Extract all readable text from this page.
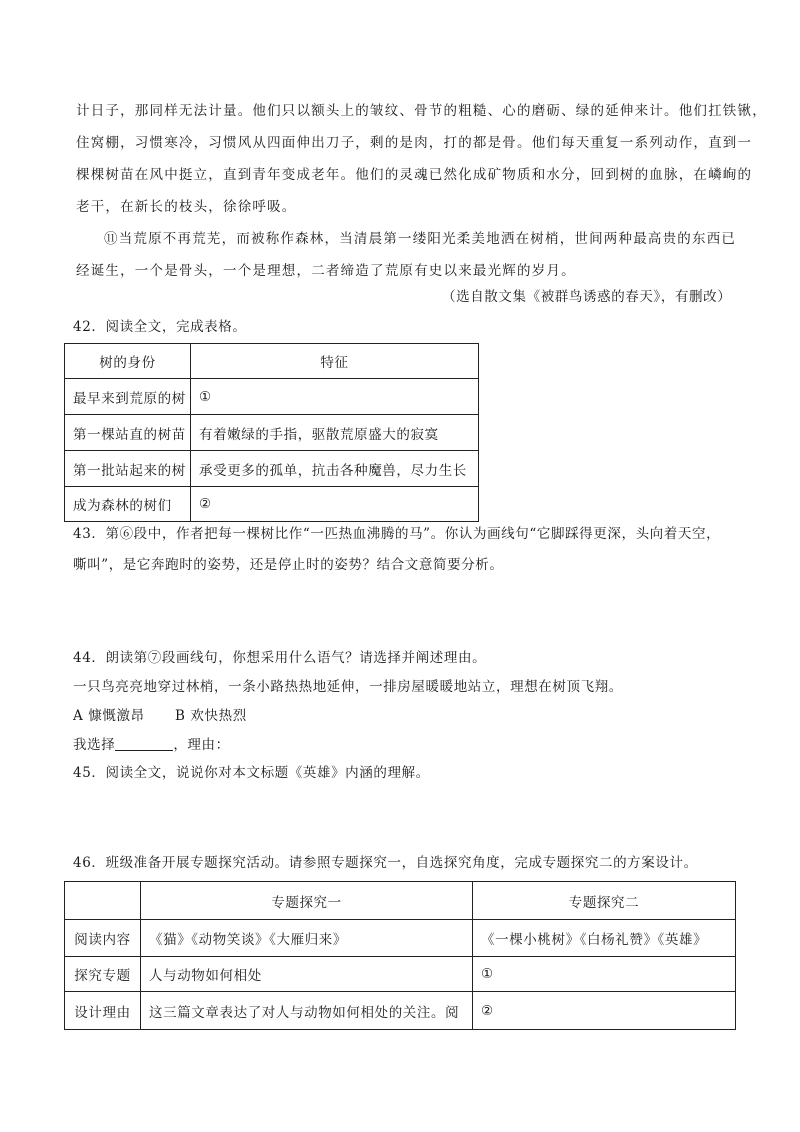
计日子，那同样无法计量。他们只以额头上的皱纹、骨节的粗糙、心的磨砺、绿的延伸来计。他们扛铁锹，
住窝棚，习惯寒冷，习惯风从四面伸出刀子，剩的是肉，打的都是骨。他们每天重复一系列动作，直到一
棵棵树苗在风中挺立，直到青年变成老年。他们的灵魂已然化成矿物质和水分，回到树的血脉，在嶙峋的
老干，在新长的枝头，徐徐呼吸。
⑪当荒原不再荒芜，而被称作森林，当清晨第一缕阳光柔美地洒在树梢，世间两种最高贵的东西已
经诞生，一个是骨头，一个是理想，二者缔造了荒原有史以来最光辉的岁月。
（选自散文集《被群鸟诱惑的春天》，有删改）
42．阅读全文，完成表格。
树的身份	特征
最早来到荒原的树	①
第一棵站直的树苗	有着嫩绿的手指，驱散荒原盛大的寂寞
第一批站起来的树	承受更多的孤单，抗击各种魔兽，尽力生长
成为森林的树们	②
43．第⑥段中，作者把每一棵树比作“一匹热血沸腾的马”。你认为画线句“它脚踩得更深，头向着天空，
嘶叫”，是它奔跑时的姿势，还是停止时的姿势？结合文意简要分析。
44．朗读第⑦段画线句，你想采用什么语气？请选择并阐述理由。
一只鸟亮亮地穿过林梢，一条小路热热地延伸，一排房屋暖暖地站立，理想在树顶飞翔。
A 慷慨激昂 B 欢快热烈
我选择	，理由：
45．阅读全文，说说你对本文标题《英雄》内涵的理解。
46．班级准备开展专题探究活动。请参照专题探究一，自选探究角度，完成专题探究二的方案设计。
	专题探究一	专题探究二
阅读内容	《猫》《动物笑谈》《大雁归来》	《一棵小桃树》《白杨礼赞》《英雄》
探究专题	人与动物如何相处	①
设计理由	这三篇文章表达了对人与动物如何相处的关注。阅	②
